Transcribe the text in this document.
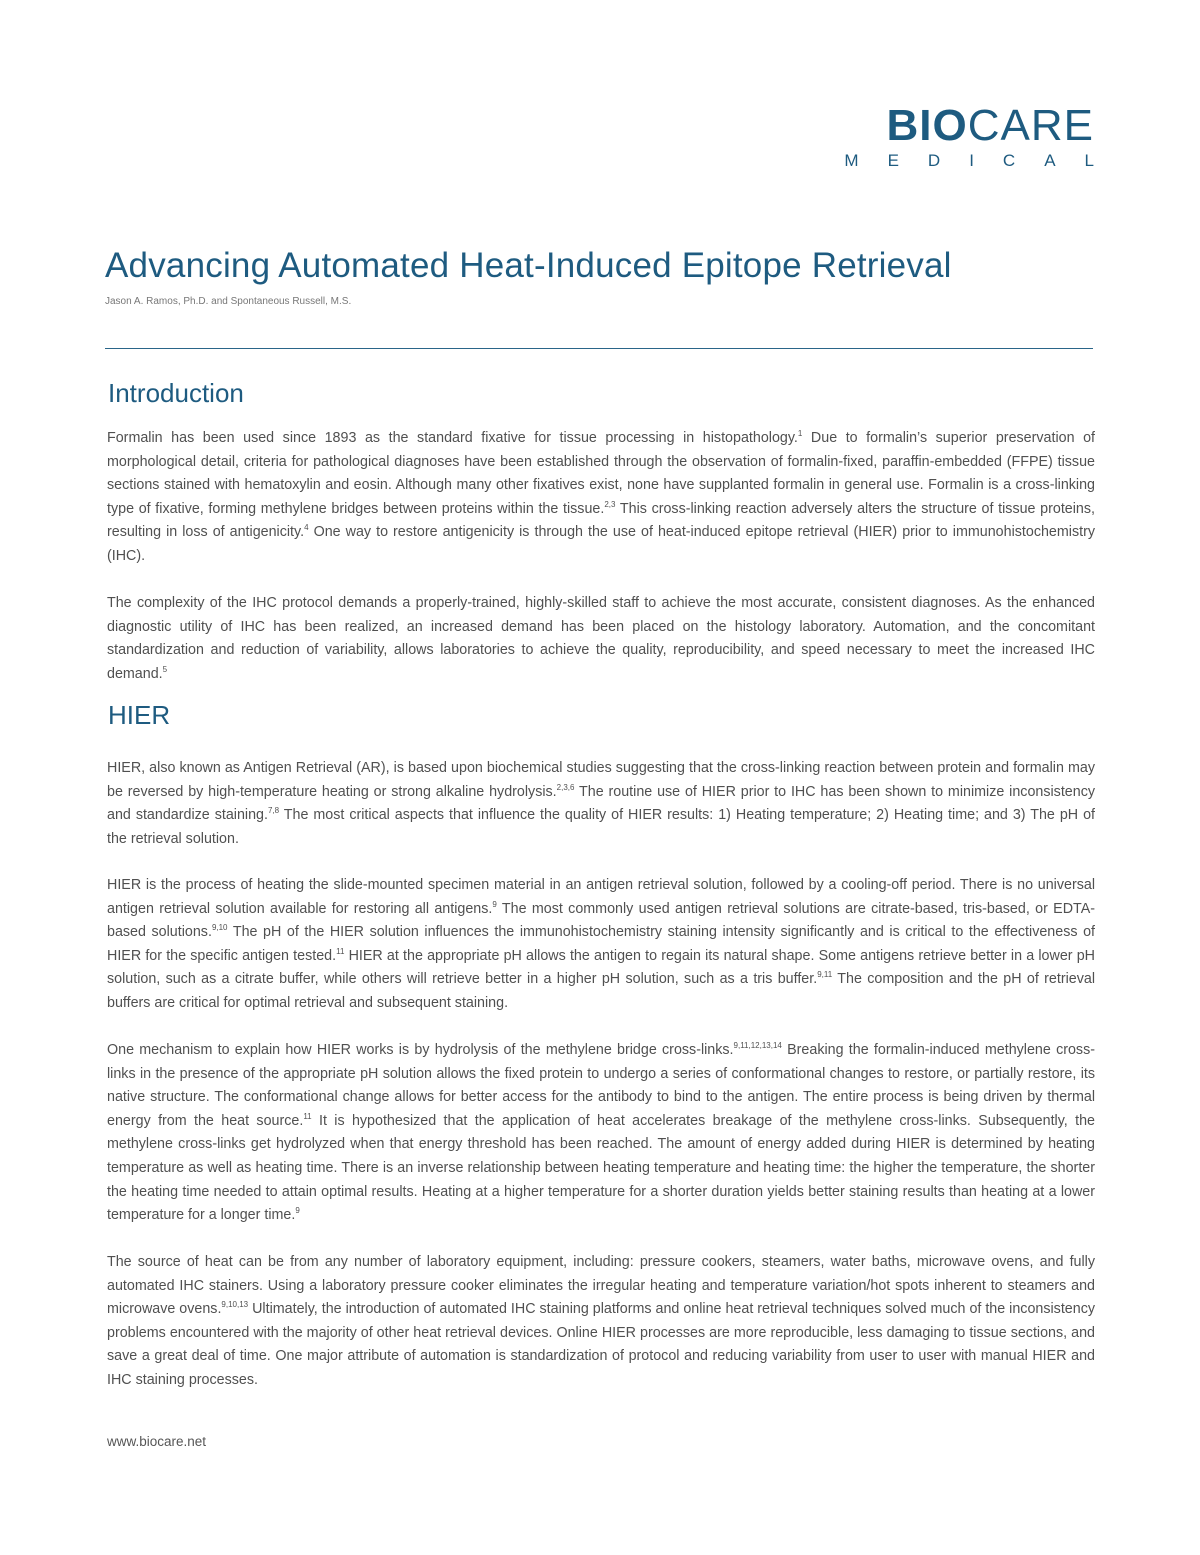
BIOCARE
MEDICAL
Advancing Automated Heat-Induced Epitope Retrieval
Jason A. Ramos, Ph.D. and Spontaneous Russell, M.S.
Introduction

Formalin has been used since 1893 as the standard fixative for tissue processing in histopathology.$^1$ Due to formalin’s superior preservation of morphological detail, criteria for pathological diagnoses have been established through the observation of formalin-fixed, paraffin-embedded (FFPE) tissue sections stained with hematoxylin and eosin. Although many other fixatives exist, none have supplanted formalin in general use. Formalin is a cross-linking type of fixative, forming methylene bridges between proteins within the tissue.$^{2,3}$ This cross-linking reaction adversely alters the structure of tissue proteins, resulting in loss of antigenicity.$^4$ One way to restore antigenicity is through the use of heat-induced epitope retrieval (HIER) prior to immunohistochemistry (IHC).

The complexity of the IHC protocol demands a properly-trained, highly-skilled staff to achieve the most accurate, consistent diagnoses. As the enhanced diagnostic utility of IHC has been realized, an increased demand has been placed on the histology laboratory. Automation, and the concomitant standardization and reduction of variability, allows laboratories to achieve the quality, reproducibility, and speed necessary to meet the increased IHC demand.$^5$

HIER

HIER, also known as Antigen Retrieval (AR), is based upon biochemical studies suggesting that the cross-linking reaction between protein and formalin may be reversed by high-temperature heating or strong alkaline hydrolysis.$^{2,3,6}$ The routine use of HIER prior to IHC has been shown to minimize inconsistency and standardize staining.$^{7,8}$ The most critical aspects that influence the quality of HIER results: 1) Heating temperature; 2) Heating time; and 3) The pH of the retrieval solution.

HIER is the process of heating the slide-mounted specimen material in an antigen retrieval solution, followed by a cooling-off period. There is no universal antigen retrieval solution available for restoring all antigens.$^9$ The most commonly used antigen retrieval solutions are citrate-based, tris-based, or EDTA-based solutions.$^{9,10}$ The pH of the HIER solution influences the immunohistochemistry staining intensity significantly and is critical to the effectiveness of HIER for the specific antigen tested.$^{11}$ HIER at the appropriate pH allows the antigen to regain its natural shape. Some antigens retrieve better in a lower pH solution, such as a citrate buffer, while others will retrieve better in a higher pH solution, such as a tris buffer.$^{9,11}$ The composition and the pH of retrieval buffers are critical for optimal retrieval and subsequent staining.

One mechanism to explain how HIER works is by hydrolysis of the methylene bridge cross-links.$^{9,11,12,13,14}$ Breaking the formalin-induced methylene cross-links in the presence of the appropriate pH solution allows the fixed protein to undergo a series of conformational changes to restore, or partially restore, its native structure. The conformational change allows for better access for the antibody to bind to the antigen. The entire process is being driven by thermal energy from the heat source.$^{11}$ It is hypothesized that the application of heat accelerates breakage of the methylene cross-links. Subsequently, the methylene cross-links get hydrolyzed when that energy threshold has been reached. The amount of energy added during HIER is determined by heating temperature as well as heating time. There is an inverse relationship between heating temperature and heating time: the higher the temperature, the shorter the heating time needed to attain optimal results. Heating at a higher temperature for a shorter duration yields better staining results than heating at a lower temperature for a longer time.$^9$

The source of heat can be from any number of laboratory equipment, including: pressure cookers, steamers, water baths, microwave ovens, and fully automated IHC stainers. Using a laboratory pressure cooker eliminates the irregular heating and temperature variation/hot spots inherent to steamers and microwave ovens.$^{9,10,13}$ Ultimately, the introduction of automated IHC staining platforms and online heat retrieval techniques solved much of the inconsistency problems encountered with the majority of other heat retrieval devices. Online HIER processes are more reproducible, less damaging to tissue sections, and save a great deal of time. One major attribute of automation is standardization of protocol and reducing variability from user to user with manual HIER and IHC staining processes.

www.biocare.net
